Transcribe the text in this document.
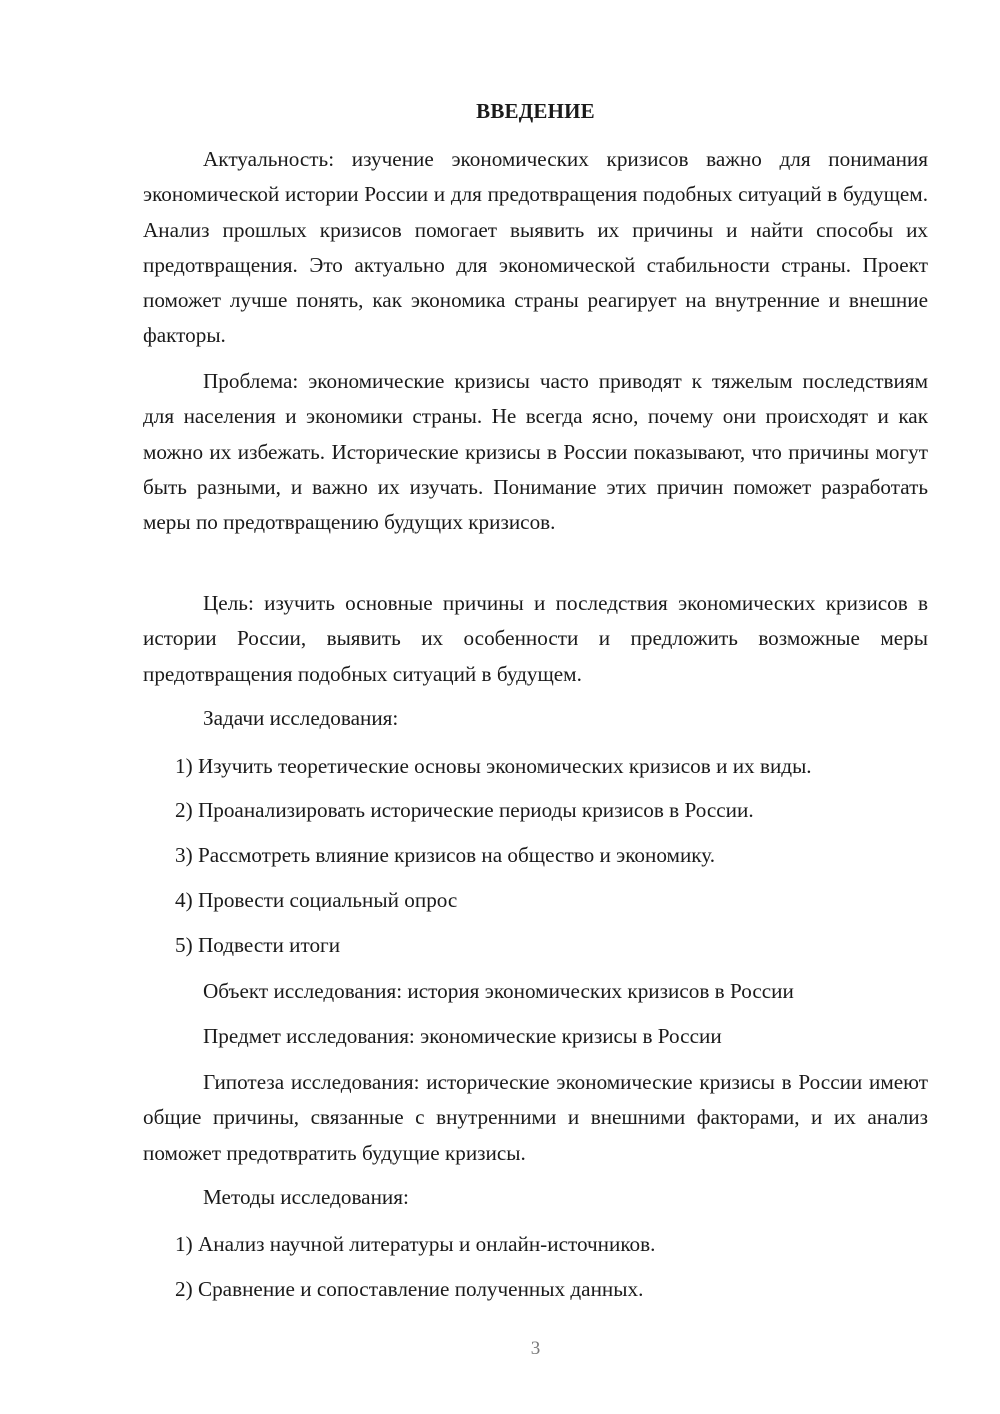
ВВЕДЕНИЕ

Актуальность: изучение экономических кризисов важно для понимания экономической истории России и для предотвращения подобных ситуаций в будущем. Анализ прошлых кризисов помогает выявить их причины и найти способы их предотвращения. Это актуально для экономической стабильности страны. Проект поможет лучше понять, как экономика страны реагирует на внутренние и внешние факторы.

Проблема: экономические кризисы часто приводят к тяжелым последствиям для населения и экономики страны. Не всегда ясно, почему они происходят и как можно их избежать. Исторические кризисы в России показывают, что причины могут быть разными, и важно их изучать. Понимание этих причин поможет разработать меры по предотвращению будущих кризисов.

Цель: изучить основные причины и последствия экономических кризисов в истории России, выявить их особенности и предложить возможные меры предотвращения подобных ситуаций в будущем.

Задачи исследования:
1) Изучить теоретические основы экономических кризисов и их виды.
2) Проанализировать исторические периоды кризисов в России.
3) Рассмотреть влияние кризисов на общество и экономику.
4) Провести социальный опрос
5) Подвести итоги
Объект исследования: история экономических кризисов в России
Предмет исследования: экономические кризисы в России

Гипотеза исследования: исторические экономические кризисы в России имеют общие причины, связанные с внутренними и внешними факторами, и их анализ поможет предотвратить будущие кризисы.

Методы исследования:
1) Анализ научной литературы и онлайн-источников.
2) Сравнение и сопоставление полученных данных.
3
